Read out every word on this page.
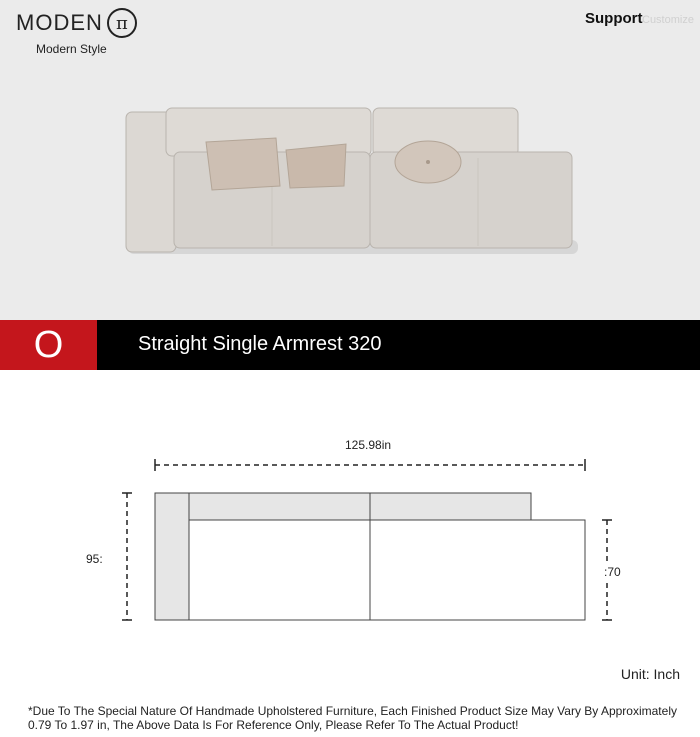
MODEN π
Modern Style
Support Customize
O	Straight Single Armrest 320
125.98in
95:
:70
Unit: Inch
*Due To The Special Nature Of Handmade Upholstered Furniture, Each Finished Product Size May Vary By Approximately 0.79 To 1.97 in, The Above Data Is For Reference Only, Please Refer To The Actual Product!
